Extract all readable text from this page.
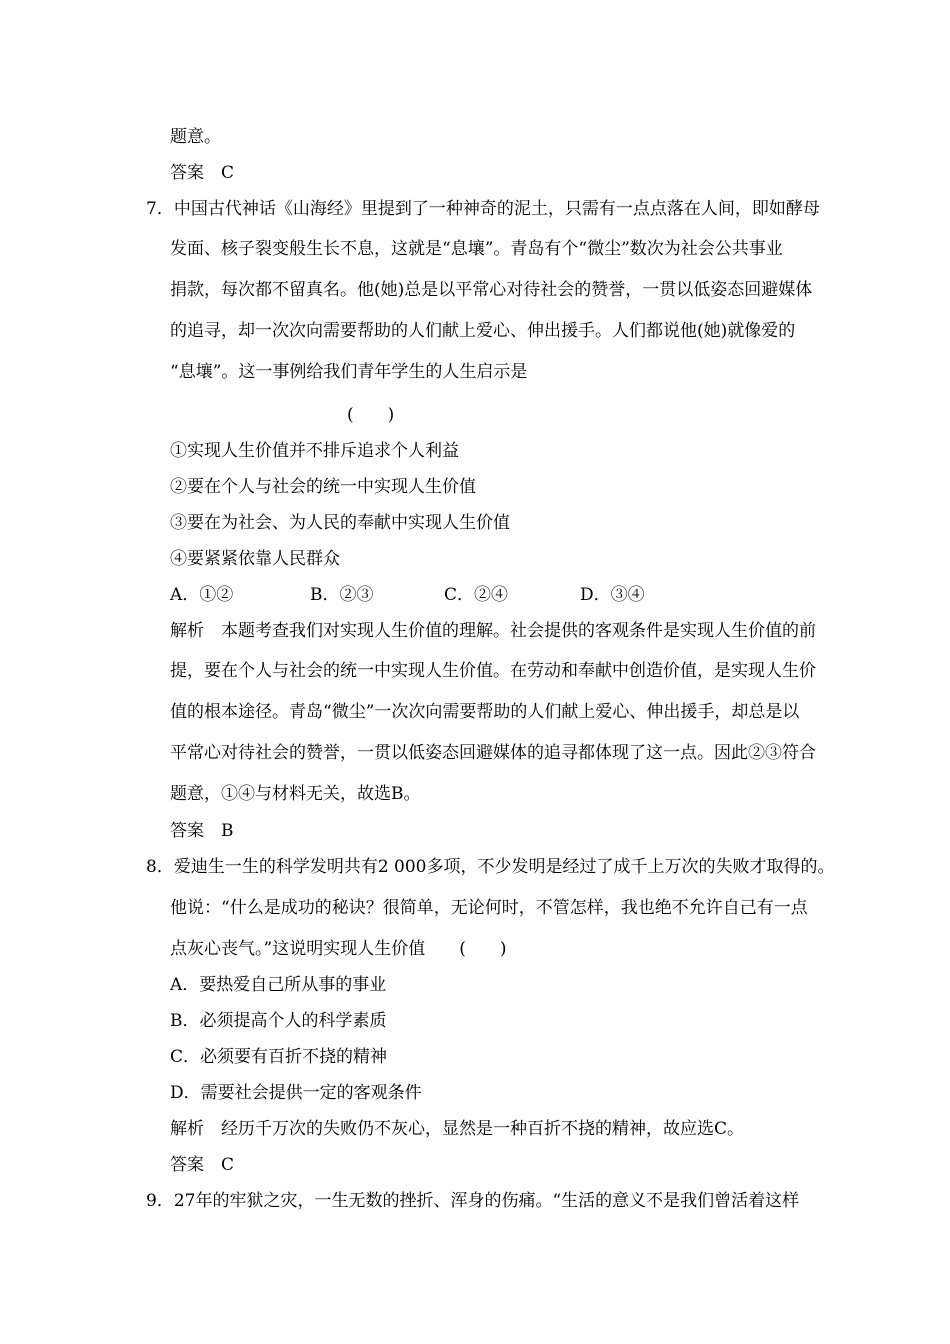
题意。
答案　C
7．中国古代神话《山海经》里提到了一种神奇的泥土，只需有一点点落在人间，即如酵母
发面、核子裂变般生长不息，这就是“息壤”。青岛有个“微尘”数次为社会公共事业
捐款，每次都不留真名。他(她)总是以平常心对待社会的赞誉，一贯以低姿态回避媒体
的追寻，却一次次向需要帮助的人们献上爱心、伸出援手。人们都说他(她)就像爱的
“息壤”。这一事例给我们青年学生的人生启示是
(　　)
①实现人生价值并不排斥追求个人利益
②要在个人与社会的统一中实现人生价值
③要在为社会、为人民的奉献中实现人生价值
④要紧紧依靠人民群众
A．①②	B．②③	C．②④	D．③④
解析　本题考查我们对实现人生价值的理解。社会提供的客观条件是实现人生价值的前
提，要在个人与社会的统一中实现人生价值。在劳动和奉献中创造价值，是实现人生价
值的根本途径。青岛“微尘”一次次向需要帮助的人们献上爱心、伸出援手，却总是以
平常心对待社会的赞誉，一贯以低姿态回避媒体的追寻都体现了这一点。因此②③符合
题意，①④与材料无关，故选B。
答案　B
8．爱迪生一生的科学发明共有2 000多项，不少发明是经过了成千上万次的失败才取得的。
他说：“什么是成功的秘诀？很简单，无论何时，不管怎样，我也绝不允许自己有一点
点灰心丧气。”这说明实现人生价值　　(　　)
A．要热爱自己所从事的事业
B．必须提高个人的科学素质
C．必须要有百折不挠的精神
D．需要社会提供一定的客观条件
解析　经历千万次的失败仍不灰心，显然是一种百折不挠的精神，故应选C。
答案　C
9．27年的牢狱之灾，一生无数的挫折、浑身的伤痛。“生活的意义不是我们曾活着这样
